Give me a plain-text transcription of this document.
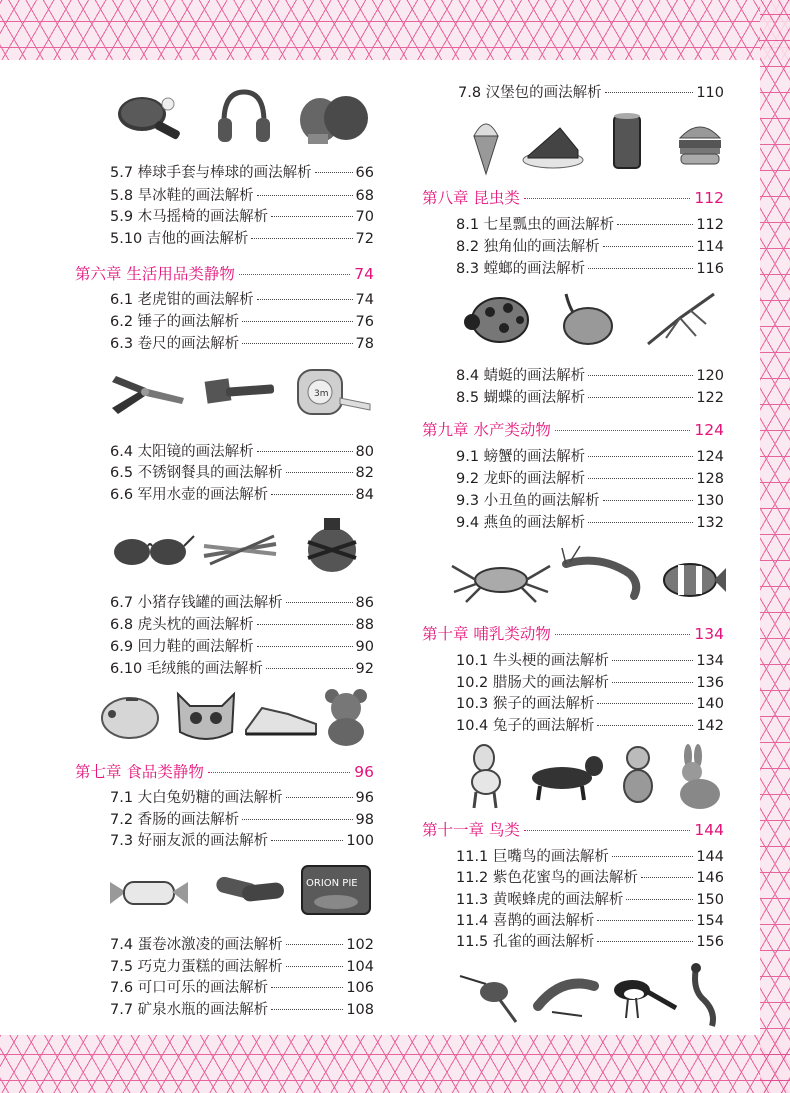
5.7 棒球手套与棒球的画法解析	66
5.8 旱冰鞋的画法解析	68
5.9 木马摇椅的画法解析	70
5.10 吉他的画法解析	72
第六章 生活用品类静物	74
6.1 老虎钳的画法解析	74
6.2 锤子的画法解析	76
6.3 卷尺的画法解析	78
3m
6.4 太阳镜的画法解析	80
6.5 不锈钢餐具的画法解析	82
6.6 军用水壶的画法解析	84
6.7 小猪存钱罐的画法解析	86
6.8 虎头枕的画法解析	88
6.9 回力鞋的画法解析	90
6.10 毛绒熊的画法解析	92
第七章 食品类静物	96
7.1 大白兔奶糖的画法解析	96
7.2 香肠的画法解析	98
7.3 好丽友派的画法解析	100
ORION PIE
7.4 蛋卷冰激凌的画法解析	102
7.5 巧克力蛋糕的画法解析	104
7.6 可口可乐的画法解析	106
7.7 矿泉水瓶的画法解析	108
7.8 汉堡包的画法解析	110
第八章 昆虫类	112
8.1 七星瓢虫的画法解析	112
8.2 独角仙的画法解析	114
8.3 螳螂的画法解析	116
8.4 蜻蜓的画法解析	120
8.5 蝴蝶的画法解析	122
第九章 水产类动物	124
9.1 螃蟹的画法解析	124
9.2 龙虾的画法解析	128
9.3 小丑鱼的画法解析	130
9.4 燕鱼的画法解析	132
第十章 哺乳类动物	134
10.1 牛头梗的画法解析	134
10.2 腊肠犬的画法解析	136
10.3 猴子的画法解析	140
10.4 兔子的画法解析	142
第十一章 鸟类	144
11.1 巨嘴鸟的画法解析	144
11.2 紫色花蜜鸟的画法解析	146
11.3 黄喉蜂虎的画法解析	150
11.4 喜鹊的画法解析	154
11.5 孔雀的画法解析	156
